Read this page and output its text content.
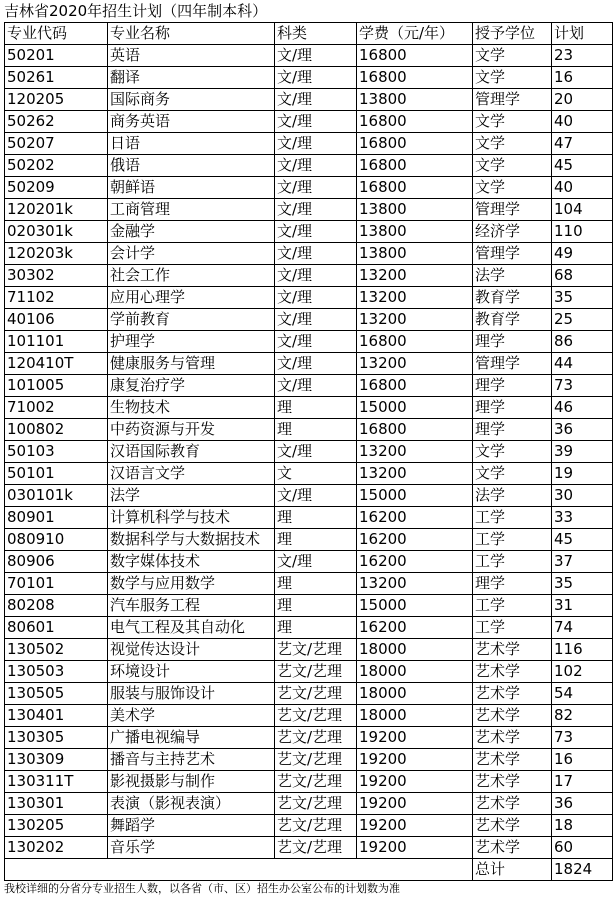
吉林省2020年招生计划（四年制本科）
专业代码	专业名称	科类	学费（元/年）	授予学位	计划
50201	英语	文/理	16800	文学	23
50261	翻译	文/理	16800	文学	16
120205	国际商务	文/理	13800	管理学	20
50262	商务英语	文/理	16800	文学	40
50207	日语	文/理	16800	文学	47
50202	俄语	文/理	16800	文学	45
50209	朝鲜语	文/理	16800	文学	40
120201k	工商管理	文/理	13800	管理学	104
020301k	金融学	文/理	13800	经济学	110
120203k	会计学	文/理	13800	管理学	49
30302	社会工作	文/理	13200	法学	68
71102	应用心理学	文/理	13200	教育学	35
40106	学前教育	文/理	13200	教育学	25
101101	护理学	文/理	16800	理学	86
120410T	健康服务与管理	文/理	13200	管理学	44
101005	康复治疗学	文/理	16800	理学	73
71002	生物技术	理	15000	理学	46
100802	中药资源与开发	理	16800	理学	36
50103	汉语国际教育	文/理	13200	文学	39
50101	汉语言文学	文	13200	文学	19
030101k	法学	文/理	15000	法学	30
80901	计算机科学与技术	理	16200	工学	33
080910	数据科学与大数据技术	理	16200	工学	45
80906	数字媒体技术	文/理	16200	工学	37
70101	数学与应用数学	理	13200	理学	35
80208	汽车服务工程	理	15000	工学	31
80601	电气工程及其自动化	理	16200	工学	74
130502	视觉传达设计	艺文/艺理	18000	艺术学	116
130503	环境设计	艺文/艺理	18000	艺术学	102
130505	服装与服饰设计	艺文/艺理	18000	艺术学	54
130401	美术学	艺文/艺理	18000	艺术学	82
130305	广播电视编导	艺文/艺理	19200	艺术学	73
130309	播音与主持艺术	艺文/艺理	19200	艺术学	16
130311T	影视摄影与制作	艺文/艺理	19200	艺术学	17
130301	表演（影视表演）	艺文/艺理	19200	艺术学	36
130205	舞蹈学	艺文/艺理	19200	艺术学	18
130202	音乐学	艺文/艺理	19200	艺术学	60
				总计	1824
我校详细的分省分专业招生人数，以各省（市、区）招生办公室公布的计划数为准
